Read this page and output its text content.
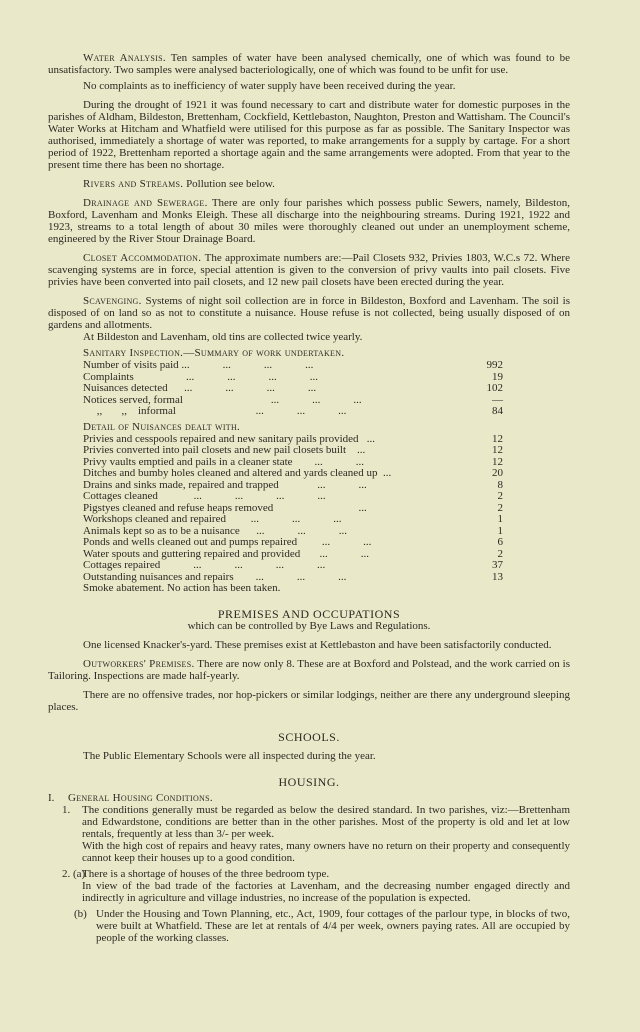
Water Analysis. Ten samples of water have been analysed chemically, one of which was found to be unsatisfactory. Two samples were analysed bacteriologically, one of which was found to be unfit for use.

No complaints as to inefficiency of water supply have been received during the year.

During the drought of 1921 it was found necessary to cart and distribute water for domestic purposes in the parishes of Aldham, Bildeston, Brettenham, Cockfield, Kettlebaston, Naughton, Preston and Wattisham. The Council's Water Works at Hitcham and Whatfield were utilised for this purpose as far as possible. The Sanitary Inspector was authorised, immediately a shortage of water was reported, to make arrangements for a supply by cartage. For a short period of 1922, Brettenham reported a shortage again and the same arrangements were adopted. From that year to the present time there has been no shortage.

Rivers and Streams. Pollution see below.

Drainage and Sewerage. There are only four parishes which possess public Sewers, namely, Bildeston, Boxford, Lavenham and Monks Eleigh. These all discharge into the neighbouring streams. During 1921, 1922 and 1923, streams to a total length of about 30 miles were thoroughly cleaned out under an unemployment scheme, engineered by the River Stour Drainage Board.

Closet Accommodation. The approximate numbers are:—Pail Closets 932, Privies 1803, W.C.s 72. Where scavenging systems are in force, special attention is given to the conversion of privy vaults into pail closets. Five privies have been converted into pail closets, and 12 new pail closets have been erected during the year.

Scavenging. Systems of night soil collection are in force in Bildeston, Boxford and Lavenham. The soil is disposed of on land so as not to constitute a nuisance. House refuse is not collected, being usually disposed of on gardens and allotments.

At Bildeston and Lavenham, old tins are collected twice yearly.

Sanitary Inspection.—Summary of work undertaken.

Number of visits paid ...            ...            ...            ...	992
Complaints                   ...            ...            ...            ...	19
Nuisances detected      ...            ...            ...            ...	102
Notices served, formal                                ...            ...            ...	—
,,       ,,    informal                             ...            ...            ...	84

Detail of Nuisances dealt with.

Privies and cesspools repaired and new sanitary pails provided   ...	12
Privies converted into pail closets and new pail closets built    ...	12
Privy vaults emptied and pails in a cleaner state        ...            ...	12
Ditches and bumby holes cleaned and altered and yards cleaned up  ...	20
Drains and sinks made, repaired and trapped              ...            ...	8
Cottages cleaned             ...            ...            ...            ...	2
Pigstyes cleaned and refuse heaps removed                               ...	2
Workshops cleaned and repaired         ...            ...            ...	1
Animals kept so as to be a nuisance      ...            ...            ...	1
Ponds and wells cleaned out and pumps repaired         ...            ...	6
Water spouts and guttering repaired and provided       ...            ...	2
Cottages repaired            ...            ...            ...            ...	37
Outstanding nuisances and repairs        ...            ...            ...	13

Smoke abatement. No action has been taken.

PREMISES AND OCCUPATIONS

which can be controlled by Bye Laws and Regulations.

One licensed Knacker's-yard. These premises exist at Kettlebaston and have been satisfactorily conducted.

Outworkers' Premises. There are now only 8. These are at Boxford and Polstead, and the work carried on is Tailoring. Inspections are made half-yearly.

There are no offensive trades, nor hop-pickers or similar lodgings, neither are there any underground sleeping places.

SCHOOLS.

The Public Elementary Schools were all inspected during the year.

HOUSING.

I.	General Housing Conditions.
1.	The conditions generally must be regarded as below the desired standard. In two parishes, viz:—Brettenham and Edwardstone, conditions are better than in the other parishes. Most of the property is old and let at low rentals, frequently at less than 3/- per week.

With the high cost of repairs and heavy rates, many owners have no return on their property and consequently cannot keep their houses up to a good condition.

2. (a)

There is a shortage of houses of the three bedroom type.

In view of the bad trade of the factories at Lavenham, and the decreasing number engaged directly and indirectly in agriculture and village industries, no increase of the population is expected.

(b) Under the Housing and Town Planning, etc., Act, 1909, four cottages of the parlour type, in blocks of two, were built at Whatfield. These are let at rentals of 4/4 per week, owners paying rates. All are occupied by people of the working classes.
